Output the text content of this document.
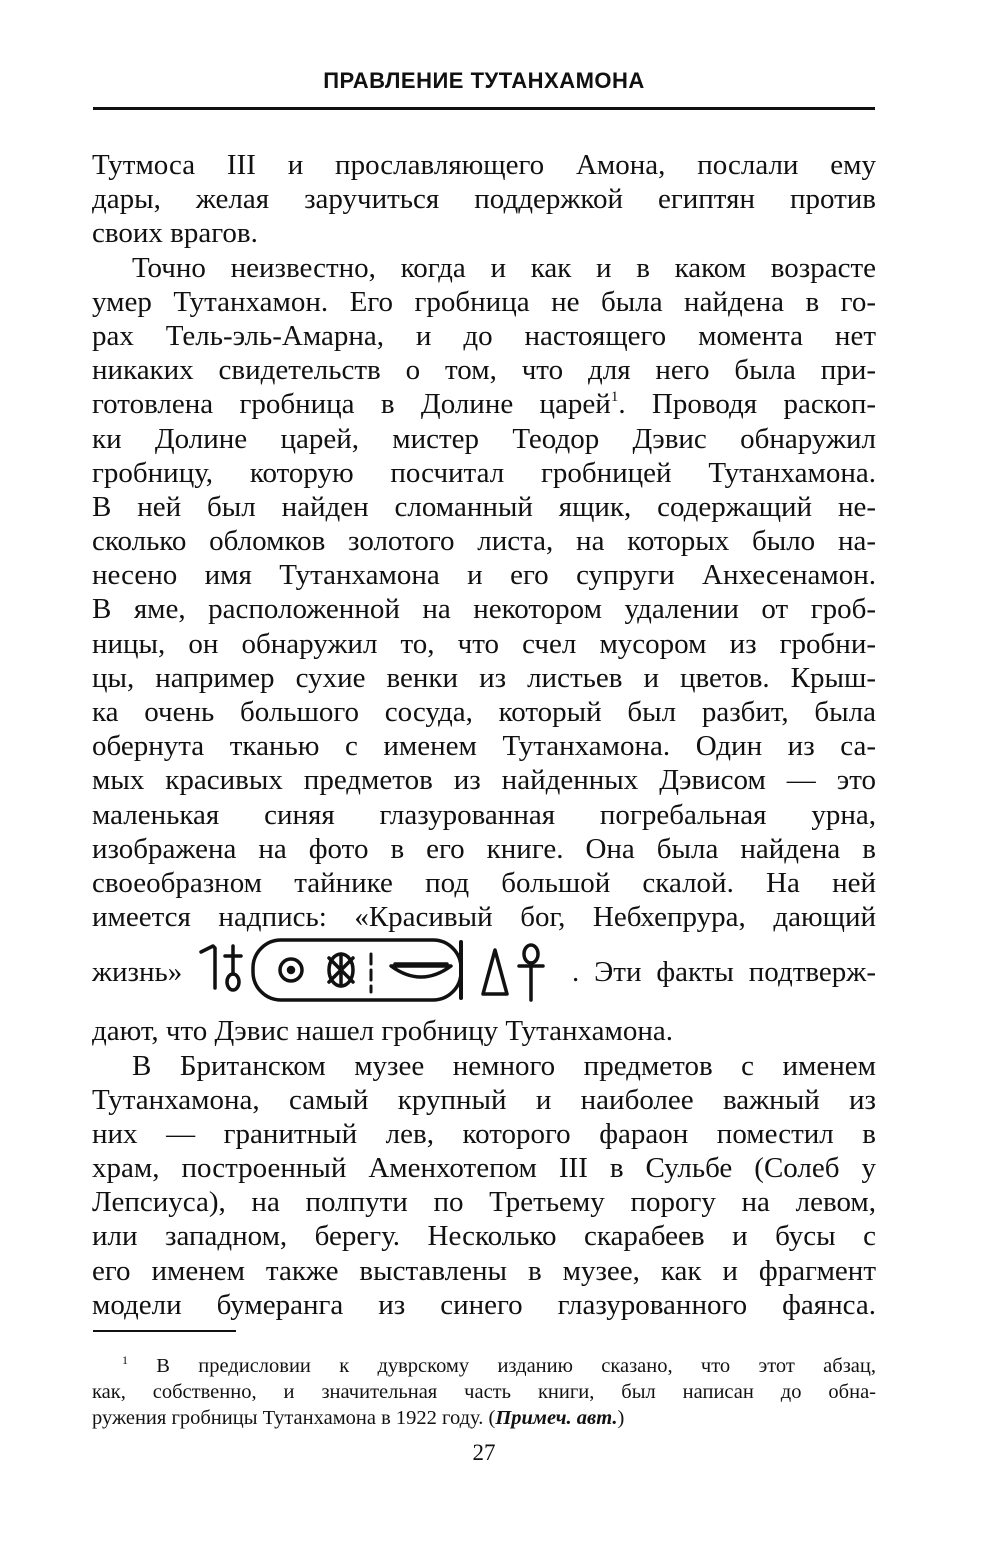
ПРАВЛЕНИЕ ТУТАНХАМОНА
Тутмоса III и прославляющего Амона, послали ему
дары, желая заручиться поддержкой египтян против
своих врагов.
Точно неизвестно, когда и как и в каком возрасте
умер Тутанхамон. Его гробница не была найдена в го-
рах Тель-эль-Амарна, и до настоящего момента нет
никаких свидетельств о том, что для него была при-
готовлена гробница в Долине царей$^1$. Проводя раскоп-
ки Долине царей, мистер Теодор Дэвис обнаружил
гробницу, которую посчитал гробницей Тутанхамона.
В ней был найден сломанный ящик, содержащий не-
сколько обломков золотого листа, на которых было на-
несено имя Тутанхамона и его супруги Анхесенамон.
В яме, расположенной на некотором удалении от гроб-
ницы, он обнаружил то, что счел мусором из гробни-
цы, например сухие венки из листьев и цветов. Крыш-
ка очень большого сосуда, который был разбит, была
обернута тканью с именем Тутанхамона. Один из са-
мых красивых предметов из найденных Дэвисом — это
маленькая синяя глазурованная погребальная урна,
изображена на фото в его книге. Она была найдена в
своеобразном тайнике под большой скалой. На ней
имеется надпись: «Красивый бог, Небхепрура, дающий
жизнь»	. Эти факты подтверж-
дают, что Дэвис нашел гробницу Тутанхамона.
В Британском музее немного предметов с именем
Тутанхамона, самый крупный и наиболее важный из
них — гранитный лев, которого фараон поместил в
храм, построенный Аменхотепом III в Сульбе (Солеб у
Лепсиуса), на полпути по Третьему порогу на левом,
или западном, берегу. Несколько скарабеев и бусы с
его именем также выставлены в музее, как и фрагмент
модели бумеранга из синего глазурованного фаянса.
$^1$ В предисловии к дуврскому изданию сказано, что этот абзац,
как, собственно, и значительная часть книги, был написан до обна-
ружения гробницы Тутанхамона в 1922 году. (Примеч. авт.)
27
